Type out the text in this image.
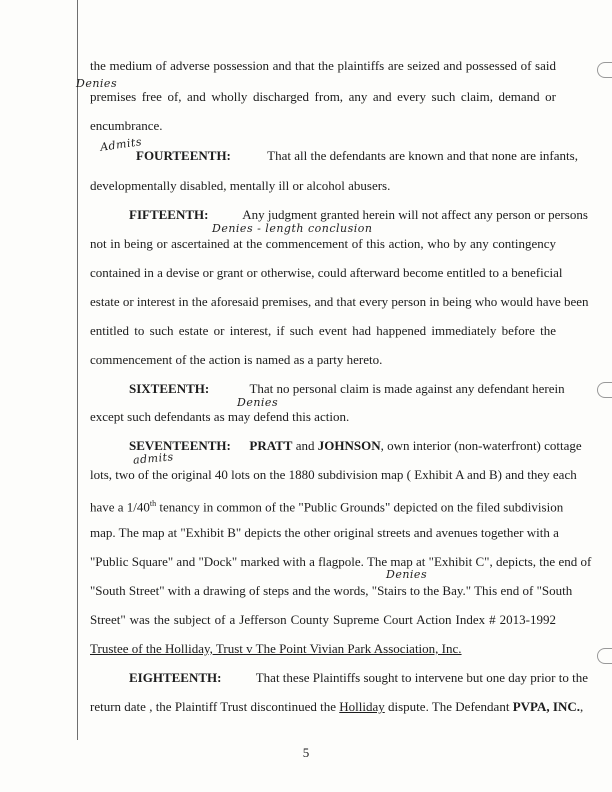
the medium of adverse possession and that the plaintiffs are seized and possessed of said
Denies
premises free of, and wholly discharged from, any and every such claim, demand or
encumbrance.
Admits
FOURTEENTH:	That all the defendants are known and that none are infants,
developmentally disabled, mentally ill or alcohol abusers.
FIFTEENTH:	Any judgment granted herein will not affect any person or persons
Denies - length conclusion
not in being or ascertained at the commencement of this action, who by any contingency
contained in a devise or grant or otherwise, could afterward become entitled to a beneficial
estate or interest in the aforesaid premises, and that every person in being who would have been
entitled to such estate or interest, if such event had happened immediately before the
commencement of the action is named as a party hereto.
SIXTEENTH:	That no personal claim is made against any defendant herein
Denies
except such defendants as may defend this action.
SEVENTEENTH: PRATT and JOHNSON, own interior (non-waterfront) cottage
admits
lots, two of the original 40 lots on the 1880 subdivision map ( Exhibit A and B) and they each
have a 1/40th tenancy in common of the "Public Grounds" depicted on the filed subdivision
map. The map at "Exhibit B" depicts the other original streets and avenues together with a
"Public Square" and "Dock" marked with a flagpole. The map at "Exhibit C", depicts, the end of
Denies
"South Street" with a drawing of steps and the words, "Stairs to the Bay." This end of "South
Street" was the subject of a Jefferson County Supreme Court Action Index # 2013-1992
Trustee of the Holliday, Trust v The Point Vivian Park Association, Inc.
EIGHTEENTH:	That these Plaintiffs sought to intervene but one day prior to the
return date , the Plaintiff Trust discontinued the Holliday dispute. The Defendant PVPA, INC.,
5
